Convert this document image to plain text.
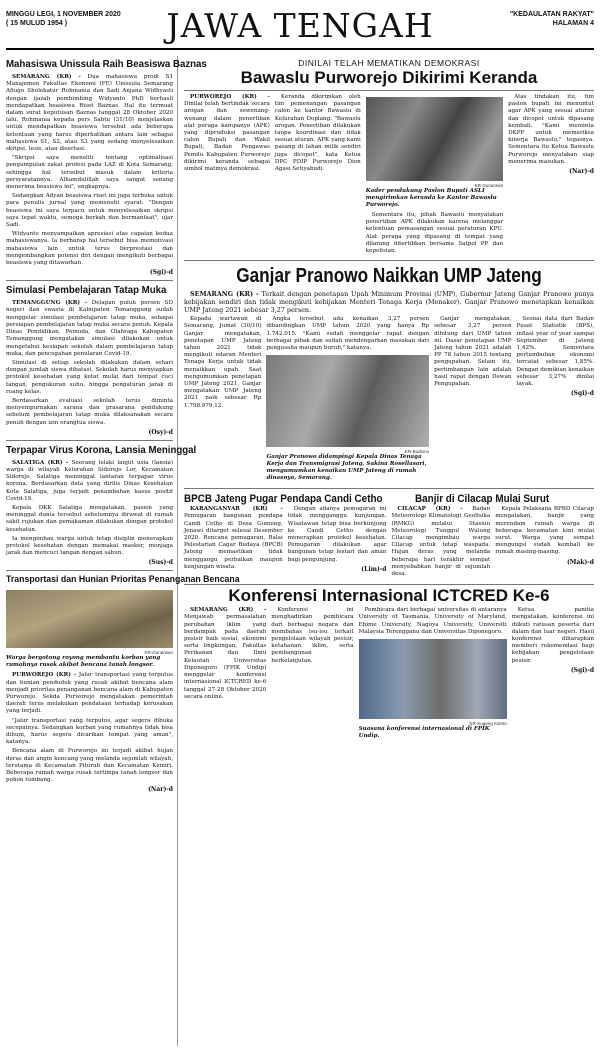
MINGGU LEGI, 1 NOVEMBER 2020
( 15 MULUD 1954 )	JAWA TENGAH	"KEDAULATAN RAKYAT"
HALAMAN 4
Mahasiswa Unissula Raih Beasiswa Baznas

SEMARANG (KR) - Dua mahasiswa prodi S1 Manajemen Fakultas Ekonomi (FE) Unissula Semarang Afiugo Sholekatur Rohmania dan Sadi Anjana Widhyasti dengan ijazah pembimbing Widyanto PhD berhasil mendapatkan beasiswa Riset Baznas. Hal itu termuat dalam surat keputusan Baznas tanggal 28 Oktober 2020 lalu. Rohmania kepada pers Sabtu (31/10) menjelaskan untuk mendapatkan beasiswa tersebut ada beberapa ketentuan yang harus diperhatikan antara lain sebagai mahasiswa S1, S2, atau S3 yang sedang menyelesaikan skripsi, tesis, atau disertasi.

"Skripsi saya meneliti tentang optimalisasi pengumpulan zakat profesi pada LAZ di Kota Semarang, sehingga hal tersebut masuk dalam kriteria persyaratannya. Alhamdulillah saya sangat senang menerima beasiswa ini", ungkapnya.

Sedangkan Adyan beasiswa riset ini juga terbuka untuk para penulis jurnal yang memenuhi syarat. "Dengan beasiswa ini saya terpacu untuk menyelesaikan skripsi saya tepat waktu, semoga berkah dan bermanfaat", ujar Sadi.

Widyanto menyampaikan apresiasi atas capaian kedua mahasiswanya. Ia berharap hal tersebut bisa memotivasi mahasiswa lain untuk terus berprestasi dan mengembangkan potensi diri dengan mengikuti berbagai beasiswa yang ditawarkan.

(Sgi)-d
Simulasi Pembelajaran Tatap Muka

TEMANGGUNG (KR) - Delapan puluh persen SD negeri dan swasta di Kabupaten Temanggung sudah menggelar simulasi pembelajaran tatap muka, sebagai persiapan pembelajaran tatap muka secara penuh. Kepala Dinas Pendidikan, Pemuda, dan Olahraga Kabupaten Temanggung mengatakan simulasi dilakukan untuk mengetahui kesiapan sekolah dalam pembelajaran tatap muka, dan pencegahan penularan Covid-19.

Simulasi di setiap sekolah dilakukan dalam sehari dengan jumlah siswa dibatasi. Sekolah harus menyiapkan protokol kesehatan yang ketat mulai dari tempat cuci tangan, pengukuran suhu, hingga pengaturan jarak di ruang kelas.

Berdasarkan evaluasi sekolah terus diminta menyempurnakan sarana dan prasarana pendukung sebelum pembelajaran tatap muka dilaksanakan secara penuh dengan izin orangtua siswa.

(Osy)-d
Terpapar Virus Korona, Lansia Meninggal

SALATIGA (KR) - Seorang lelaki lanjut usia (lansia) warga di wilayah Kelurahan Sidorejo Lor, Kecamatan Sidorejo, Salatiga meninggal lantaran terpapar virus korona. Berdasarkan data yang dirilis Dinas Kesehatan Kota Salatiga, juga terjadi penambahan kasus positif Covid-19.

Kepala DKK Salatiga mengatakan, pasien yang meninggal dunia tersebut sebelumnya dirawat di rumah sakit rujukan dan pemakaman dilakukan dengan protokol kesehatan.

Ia mengimbau warga untuk tetap disiplin menerapkan protokol kesehatan dengan memakai masker, menjaga jarak dan mencuci tangan dengan sabun.

(Sus)-d
Transportasi dan Hunian Prioritas Penanganan Bencana
KR-Gunarwan
Warga bergotong royong membantu korban yang rumahnya rusak akibat bencana tanah longsor.

PURWOREJO (KR) - Jalur transportasi yang terputus dan hunian penduduk yang rusak akibat bencana alam menjadi prioritas penanganan bencana alam di Kabupaten Purworejo. Sekda Purworejo mengatakan pemerintah daerah terus melakukan pendataan terhadap kerusakan yang terjadi.

"Jalur transportasi yang terputus, agar segera dibuka secepatnya. Sedangkan korban yang rumahnya tidak bisa dihuni, harus segera dicarikan tempat yang aman", katanya.

Bencana alam di Purworejo ini terjadi akibat hujan deras dan angin kencang yang melanda sejumlah wilayah, terutama di Kecamatan Pituruh dan Kecamatan Kemiri. Beberapa rumah warga rusak tertimpa tanah longsor dan pohon tumbang.

(Nar)-d
DINILAI TELAH MEMATIKAN DEMOKRASI
Bawaslu Purworejo Dikirimi Keranda

PURWOREJO (KR) - Dinilai telah bertindak secara arogan dan sewenang-wenang dalam penertiban alat peraga kampanye (APK) yang dipruduksi pasangan calon Bupati dan Wakil Bupati, Badan Pengawas Pemilu Kabupaten Purworejo dikirimi keranda sebagai simbol matinya demokrasi.

Keranda dikirimkan oleh tim pemenangan pasangan calon ke kantor Bawaslu di Kelurahan Doplang. "Bawaslu arogan. Penertiban dilakukan tanpa koordinasi dan tidak sesuai aturan. APK yang kami pasang di lahan milik sendiri juga dicopot", kata Ketua DPC PDIP Purworejo Dion Agasi Setiyabudi.

KR-Gunarwan
Kader pendukung Paslon Bupati ASLI mengirimkan keranda ke Kantor Bawaslu Purworejo.

Sementara itu, pihak Bawaslu menyatakan penertiban APK dilakukan karena melanggar ketentuan pemasangan sesuai peraturan KPU. Alat peraga yang dipasang di tempat yang dilarang ditertibkan bersama Satpol PP dan kepolisian.

Atas tindakan itu, tim paslon bupati ini menuntut agar APK yang sesuai aturan dan dicopot untuk dipasang kembali. "Kami meminta DKPP untuk memeriksa kinerja Bawaslu," tegasnya. Sementara itu Ketua Bawaslu Purworejo menyatakan siap menerima masukan.

(Nar)-d
Ganjar Pranowo Naikkan UMP Jateng

SEMARANG (KR) - Terkait dengan penetapan Upah Minimum Provinsi (UMP), Gubernur Jateng Ganjar Pranowo punya kebijakan sendiri dan tidak mengikuti kebijakan Menteri Tenaga Kerja (Menaker). Ganjar Pranowo menetapkan kenaikan UMP Jateng 2021 sebesar 3,27 persen.

Kepada wartawan di Semarang, Jumat (30/10) Ganjar mengatakan, penetapan UMP Jateng tahun 2021 tidak mengikuti edaran Menteri Tenaga Kerja untuk tidak menaikkan upah. Saat mengumumkan penetapan UMP Jateng 2021, Ganjar mengatakan UMP Jateng 2021 naik sebesar Rp 1.798.979,12.

Angka tersebut ada kenaikan 3,27 persen dibandingkan UMP tahun 2020 yang hanya Rp 1.742.015. "Kami sudah menggelar rapat dengan berbagai pihak dan sudah mendengarkan masukan dari pengusaha maupun buruh," katanya.

KR-Budiono
Ganjar Pranowo didampingi Kepala Dinas Tenaga Kerja dan Transmigrasi Jateng, Sakina Rosellasari, mengumumkan kenaikan UMP Jateng di rumah dinasnya, Semarang.

Ganjar mengatakan, sebesar 3,27 persen dihitung dari UMP tahun ini. Dasar penetapan UMP Jateng tahun 2021 adalah PP 78 tahun 2015 tentang pengupahan. Selain itu, pertimbangan lain adalah hasil rapat dengan Dewan Pengupahan.

Sesuai data dari Badan Pusat Statistik (BPS), inflasi year of year sampai September di Jateng 1,42%. Sementara pertumbuhan ekonomi tercatat sebesar 1,85%. Dengan demikian kenaikan sebesar 3,27% dinilai layak.

(Sgi)-d
BPCB Jateng Pugar Pendapa Candi Cetho	Banjir di Cilacap Mulai Surut

KARANGANYAR (KR) - Pemugaran bangunan pendapa Candi Cetho di Desa Gumeng, Jenawi ditarget selesai Desember 2020. Rencana pemugaran, Balai Pelestarian Cagar Budaya (BPCB) Jateng memastikan tidak menggangu perbaikan maupun kunjungan wisata.

Dengan adanya pemugaran ini tidak mengganggu kunjungan. Wisatawan tetap bisa berkunjung ke Candi Cetho dengan menerapkan protokol kesehatan. Pemugaran dilakukan agar bangunan tetap lestari dan aman bagi pengunjung.

(Lim)-d

CILACAP (KR) - Badan Meteorologi Klimatologi Geofisika (BMKG) melalui Stasiun Meteorologi Tunggul Wulung Cilacap mengimbau warga Cilacap untuk tetap waspada. Hujan deras yang melanda beberapa hari terakhir sempat menyebabkan banjir di sejumlah desa.

Kepala Pelaksana BPBD Cilacap mengatakan, banjir yang merendam rumah warga di beberapa kecamatan kini mulai surut. Warga yang sempat mengungsi sudah kembali ke rumah masing-masing.

(Mak)-d
Konferensi Internasional ICTCRED Ke-6

SEMARANG (KR) - Menjawab permasalahan perubahan iklim yang berdampak pada daerah pesisir baik sosial, ekonomi serta lingkungan, Fakultas Perikanan dan Ilmu Kelautan Universitas Diponegoro (FPIK Undip) menggelar konferensi internasional ICTCRED ke-6 tanggal 27-28 Oktober 2020 secara online.

Konferensi ini menghadirkan pembicara dari berbagai negara dan membahas isu-isu terkait pengelolaan wilayah pesisir, ketahanan iklim, serta pembangunan berkelanjutan.

Pembicara dari berbagai universitas di antaranya University of Tasmania, University of Maryland, Ehime University, Nagoya University, Universiti Malaysia Terengganu dan Universitas Diponegoro.

KR-Sugeng Kianto
Suasana konferensi internasional di FPIK Undip.

Ketua panitia mengatakan, konferensi ini diikuti ratusan peserta dari dalam dan luar negeri. Hasil konferensi diharapkan memberi rekomendasi bagi kebijakan pengelolaan pesisir.

(Sgi)-d
